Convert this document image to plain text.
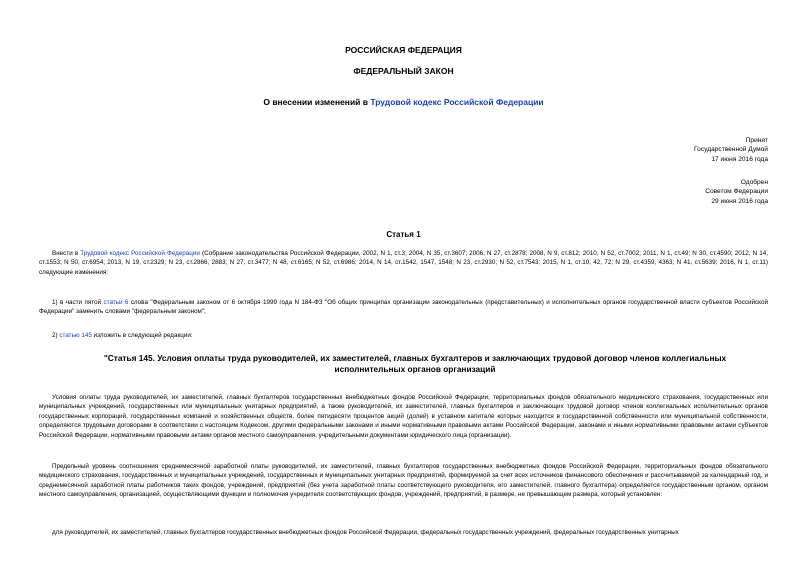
РОССИЙСКАЯ ФЕДЕРАЦИЯ
ФЕДЕРАЛЬНЫЙ ЗАКОН
О внесении изменений в Трудовой кодекс Российской Федерации
Принят
Государственной Думой
17 июня 2016 года
Одобрен
Советом Федерации
29 июня 2016 года
Статья 1
Внести в Трудовой кодекс Российской Федерации (Собрание законодательства Российской Федерации, 2002, N 1, ст.3; 2004, N 35, ст.3607; 2006, N 27, ст.2878; 2008, N 9, ст.812; 2010, N 52, ст.7002; 2011, N 1, ст.49; N 30, ст.4590; 2012, N 14, ст.1553; N 50, ст.6954; 2013, N 19, ст.2329; N 23, ст.2866, 2883; N 27, ст.3477; N 48, ст.6165; N 52, ст.6986; 2014, N 14, ст.1542, 1547, 1548; N 23, ст.2930; N 52, ст.7543; 2015, N 1, ст.10, 42, 72; N 29, ст.4359, 4363; N 41, ст.5639; 2016, N 1, ст.11) следующие изменения:
1) в части пятой статьи 6 слова "Федеральным законом от 6 октября 1999 года N 184-ФЗ "Об общих принципах организации законодательных (представительных) и исполнительных органов государственной власти субъектов Российской Федерации" заменить словами "федеральным законом";
2) статью 145 изложить в следующей редакции:
"Статья 145. Условия оплаты труда руководителей, их заместителей, главных бухгалтеров и заключающих трудовой договор членов коллегиальных исполнительных органов организаций
Условия оплаты труда руководителей, их заместителей, главных бухгалтеров государственных внебюджетных фондов Российской Федерации, территориальных фондов обязательного медицинского страхования, государственных или муниципальных учреждений, государственных или муниципальных унитарных предприятий, а также руководителей, их заместителей, главных бухгалтеров и заключающих трудовой договор членов коллегиальных исполнительных органов государственных корпораций, государственных компаний и хозяйственных обществ, более пятидесяти процентов акций (долей) в уставном капитале которых находится в государственной собственности или муниципальной собственности, определяются трудовыми договорами в соответствии с настоящим Кодексом, другими федеральными законами и иными нормативными правовыми актами Российской Федерации, законами и иными нормативными правовыми актами субъектов Российской Федерации, нормативными правовыми актами органов местного самоуправления, учредительными документами юридического лица (организации).
Предельный уровень соотношения среднемесячной заработной платы руководителей, их заместителей, главных бухгалтеров государственных внебюджетных фондов Российской Федерации, территориальных фондов обязательного медицинского страхования, государственных и муниципальных учреждений, государственных и муниципальных унитарных предприятий, формируемой за счет всех источников финансового обеспечения и рассчитываемой за календарный год, и среднемесячной заработной платы работников таких фондов, учреждений, предприятий (без учета заработной платы соответствующего руководителя, его заместителей, главного бухгалтера) определяется государственным органом, органом местного самоуправления, организацией, осуществляющими функции и полномочия учредителя соответствующих фондов, учреждений, предприятий, в размере, не превышающем размера, который установлен:
для руководителей, их заместителей, главных бухгалтеров государственных внебюджетных фондов Российской Федерации, федеральных государственных учреждений, федеральных государственных унитарных
